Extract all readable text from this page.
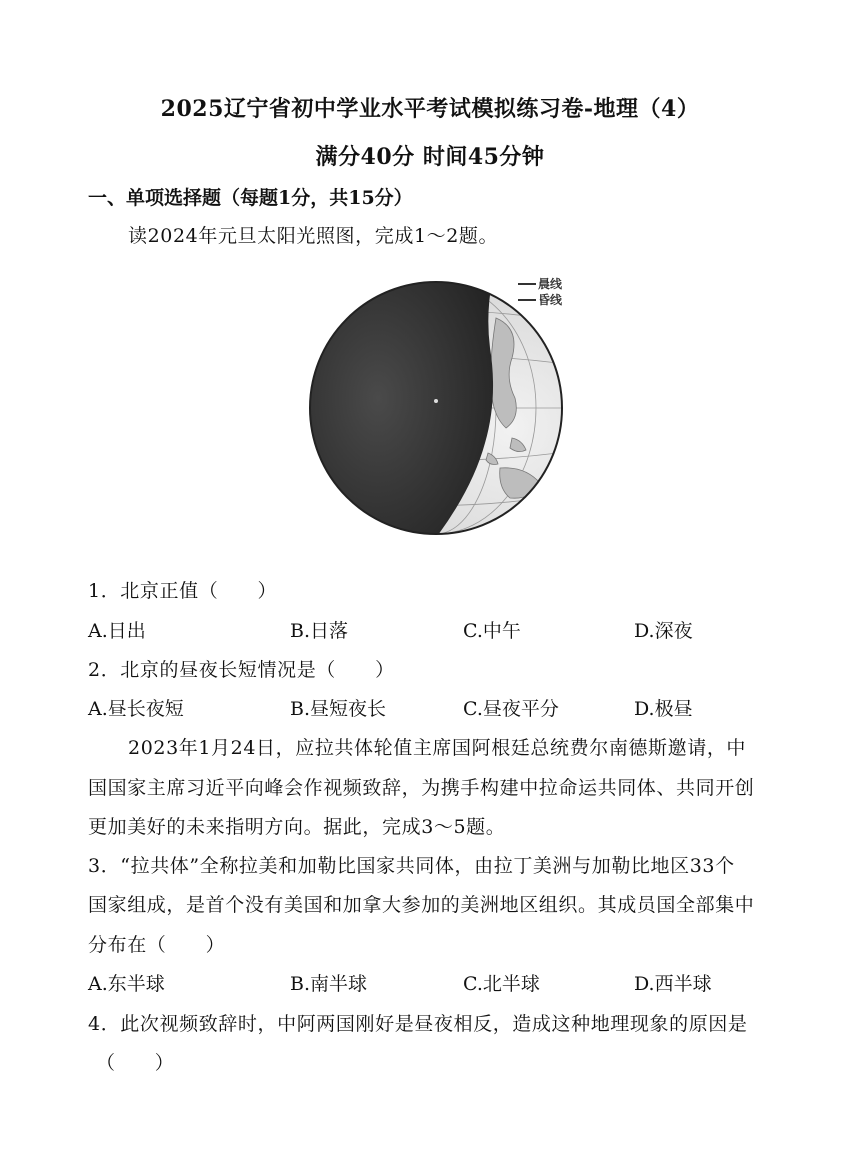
2025辽宁省初中学业水平考试模拟练习卷-地理（4）
满分40分 时间45分钟
一、单项选择题（每题1分，共15分）
读2024年元旦太阳光照图，完成1～2题。
晨线
昏线
1．北京正值（　　）
A.日出	B.日落	C.中午	D.深夜
2．北京的昼夜长短情况是（　　）
A.昼长夜短	B.昼短夜长	C.昼夜平分	D.极昼
2023年1月24日，应拉共体轮值主席国阿根廷总统费尔南德斯邀请，中
国国家主席习近平向峰会作视频致辞，为携手构建中拉命运共同体、共同开创
更加美好的未来指明方向。据此，完成3～5题。
3．“拉共体”全称拉美和加勒比国家共同体，由拉丁美洲与加勒比地区33个
国家组成，是首个没有美国和加拿大参加的美洲地区组织。其成员国全部集中
分布在（　　）
A.东半球	B.南半球	C.北半球	D.西半球
4．此次视频致辞时，中阿两国刚好是昼夜相反，造成这种地理现象的原因是
（　　）
